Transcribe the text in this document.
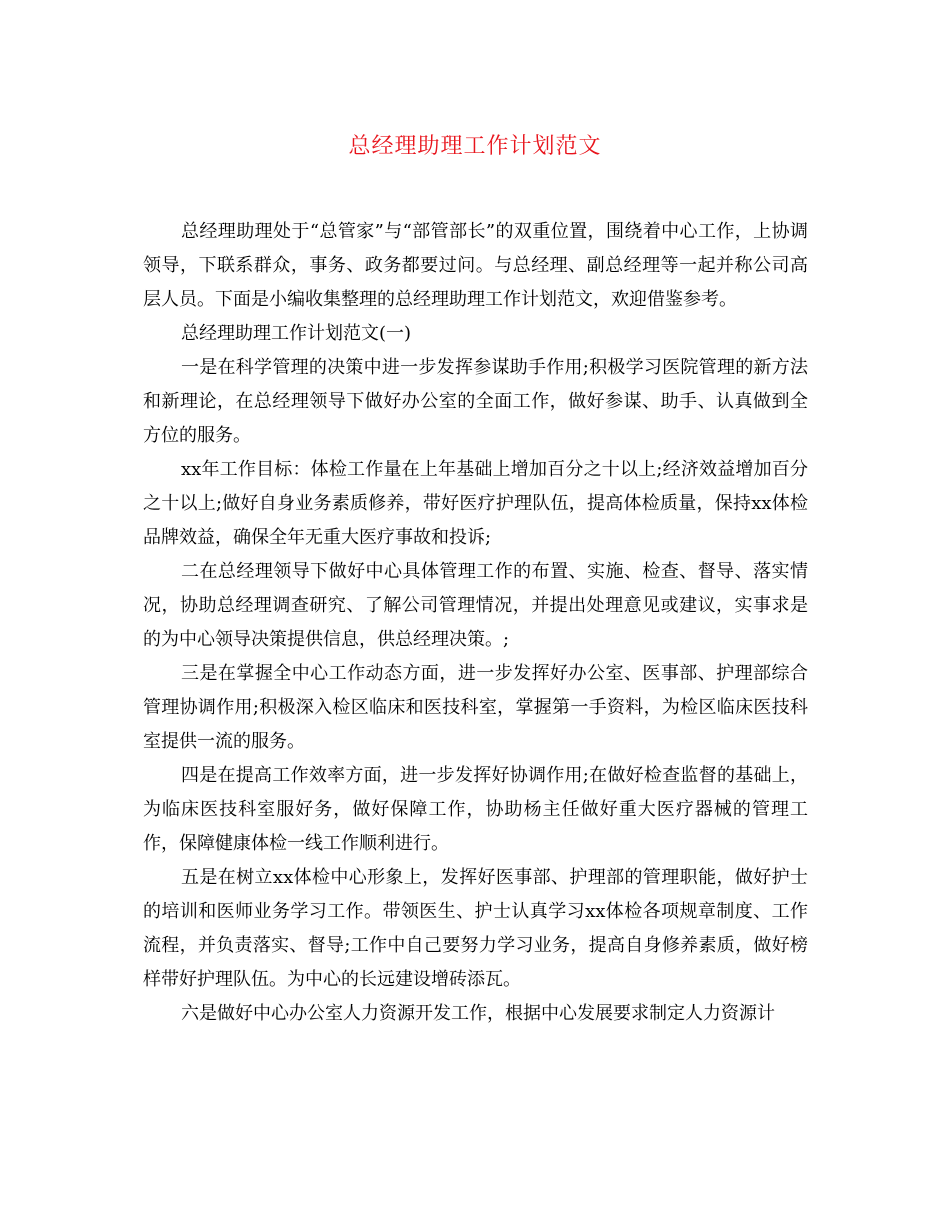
总经理助理工作计划范文

总经理助理处于“总管家”与“部管部长”的双重位置，围绕着中心工作，上协调领导，下联系群众，事务、政务都要过问。与总经理、副总经理等一起并称公司高层人员。下面是小编收集整理的总经理助理工作计划范文，欢迎借鉴参考。

总经理助理工作计划范文(一)

一是在科学管理的决策中进一步发挥参谋助手作用;积极学习医院管理的新方法和新理论，在总经理领导下做好办公室的全面工作，做好参谋、助手、认真做到全方位的服务。

xx年工作目标：体检工作量在上年基础上增加百分之十以上;经济效益增加百分之十以上;做好自身业务素质修养，带好医疗护理队伍，提高体检质量，保持xx体检品牌效益，确保全年无重大医疗事故和投诉;

二在总经理领导下做好中心具体管理工作的布置、实施、检查、督导、落实情况，协助总经理调查研究、了解公司管理情况，并提出处理意见或建议，实事求是的为中心领导决策提供信息，供总经理决策。;

三是在掌握全中心工作动态方面，进一步发挥好办公室、医事部、护理部综合管理协调作用;积极深入检区临床和医技科室，掌握第一手资料，为检区临床医技科室提供一流的服务。

四是在提高工作效率方面，进一步发挥好协调作用;在做好检查监督的基础上，为临床医技科室服好务，做好保障工作，协助杨主任做好重大医疗器械的管理工作，保障健康体检一线工作顺利进行。

五是在树立xx体检中心形象上，发挥好医事部、护理部的管理职能，做好护士的培训和医师业务学习工作。带领医生、护士认真学习xx体检各项规章制度、工作流程，并负责落实、督导;工作中自己要努力学习业务，提高自身修养素质，做好榜样带好护理队伍。为中心的长远建设增砖添瓦。

六是做好中心办公室人力资源开发工作，根据中心发展要求制定人力资源计
